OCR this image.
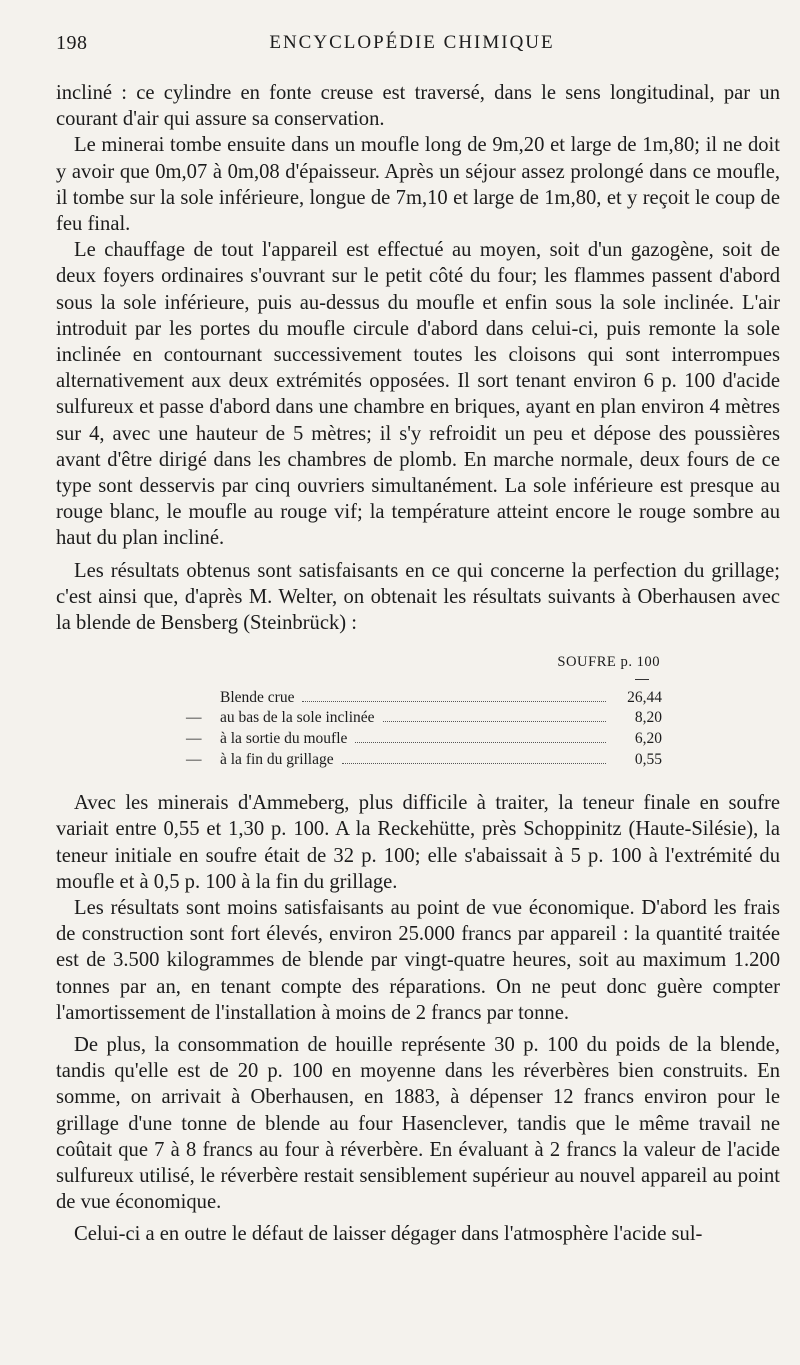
198	ENCYCLOPÉDIE CHIMIQUE

incliné : ce cylindre en fonte creuse est traversé, dans le sens longitudinal, par un courant d'air qui assure sa conservation.

Le minerai tombe ensuite dans un moufle long de 9m,20 et large de 1m,80; il ne doit y avoir que 0m,07 à 0m,08 d'épaisseur. Après un séjour assez prolongé dans ce moufle, il tombe sur la sole inférieure, longue de 7m,10 et large de 1m,80, et y reçoit le coup de feu final.

Le chauffage de tout l'appareil est effectué au moyen, soit d'un gazogène, soit de deux foyers ordinaires s'ouvrant sur le petit côté du four; les flammes passent d'abord sous la sole inférieure, puis au-dessus du moufle et enfin sous la sole inclinée. L'air introduit par les portes du moufle circule d'abord dans celui-ci, puis remonte la sole inclinée en contournant successivement toutes les cloisons qui sont interrompues alternativement aux deux extrémités opposées. Il sort tenant environ 6 p. 100 d'acide sulfureux et passe d'abord dans une chambre en briques, ayant en plan environ 4 mètres sur 4, avec une hauteur de 5 mètres; il s'y refroidit un peu et dépose des poussières avant d'être dirigé dans les chambres de plomb. En marche normale, deux fours de ce type sont desservis par cinq ouvriers simultanément. La sole inférieure est presque au rouge blanc, le moufle au rouge vif; la température atteint encore le rouge sombre au haut du plan incliné.

Les résultats obtenus sont satisfaisants en ce qui concerne la perfection du grillage; c'est ainsi que, d'après M. Welter, on obtenait les résultats suivants à Oberhausen avec la blende de Bensberg (Steinbrück) :

SOUFRE
p. 100
Blende crue	26,44
—	au bas de la sole inclinée	8,20
—	à la sortie du moufle	6,20
—	à la fin du grillage	0,55

Avec les minerais d'Ammeberg, plus difficile à traiter, la teneur finale en soufre variait entre 0,55 et 1,30 p. 100. A la Reckehütte, près Schoppinitz (Haute-Silésie), la teneur initiale en soufre était de 32 p. 100; elle s'abaissait à 5 p. 100 à l'extrémité du moufle et à 0,5 p. 100 à la fin du grillage.

Les résultats sont moins satisfaisants au point de vue économique. D'abord les frais de construction sont fort élevés, environ 25.000 francs par appareil : la quantité traitée est de 3.500 kilogrammes de blende par vingt-quatre heures, soit au maximum 1.200 tonnes par an, en tenant compte des réparations. On ne peut donc guère compter l'amortissement de l'installation à moins de 2 francs par tonne.

De plus, la consommation de houille représente 30 p. 100 du poids de la blende, tandis qu'elle est de 20 p. 100 en moyenne dans les réverbères bien construits. En somme, on arrivait à Oberhausen, en 1883, à dépenser 12 francs environ pour le grillage d'une tonne de blende au four Hasenclever, tandis que le même travail ne coûtait que 7 à 8 francs au four à réverbère. En évaluant à 2 francs la valeur de l'acide sulfureux utilisé, le réverbère restait sensiblement supérieur au nouvel appareil au point de vue économique.

Celui-ci a en outre le défaut de laisser dégager dans l'atmosphère l'acide sul-
